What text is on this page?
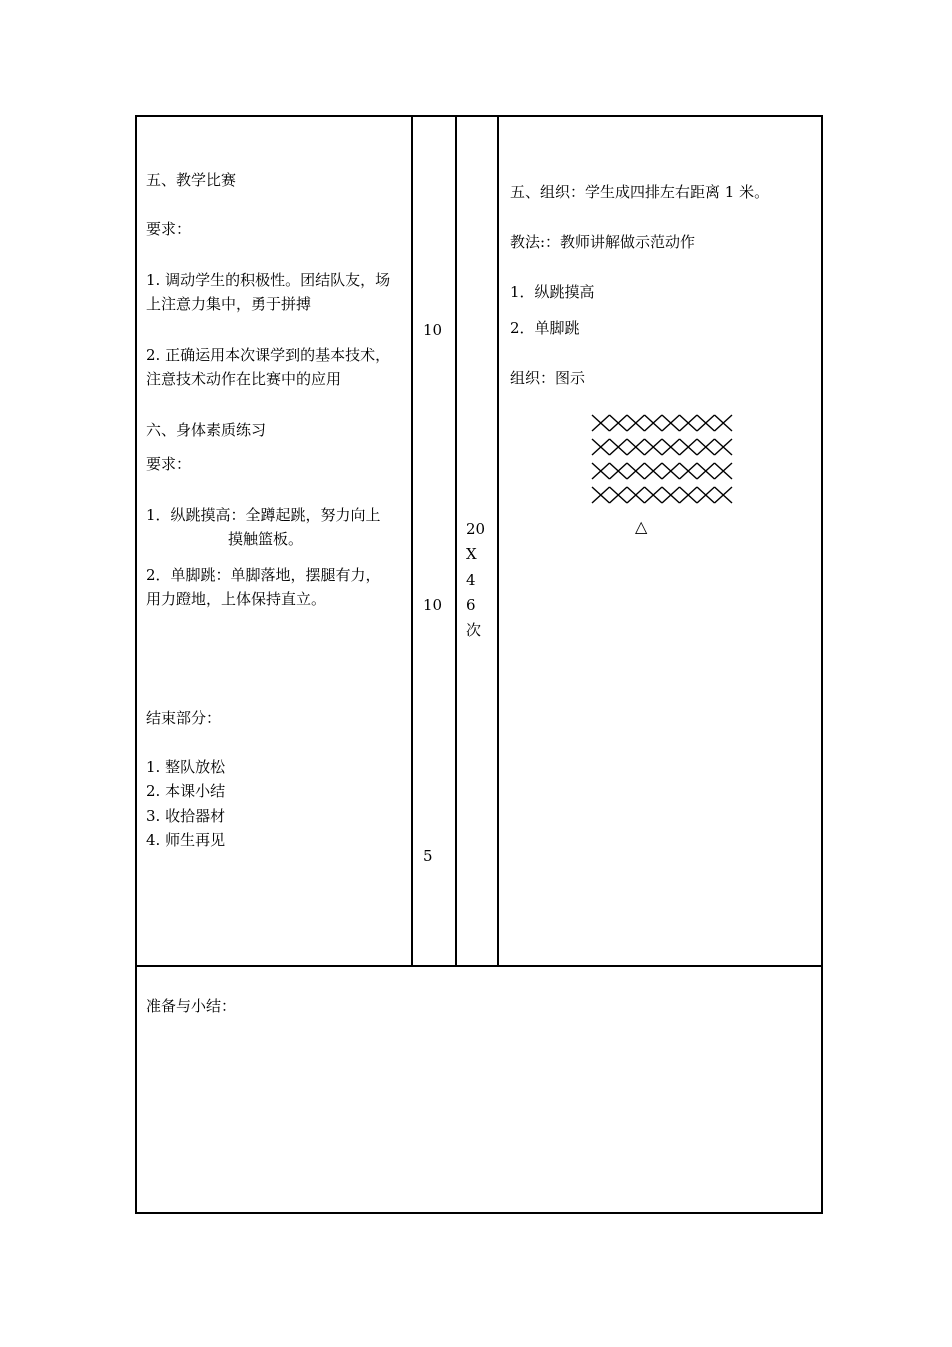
五、教学比赛
要求：
1. 调动学生的积极性。团结队友，场
上注意力集中，勇于拼搏
2. 正确运用本次课学到的基本技术，
注意技术动作在比赛中的应用
六、身体素质练习
要求：
1．纵跳摸高：全蹲起跳，努力向上
摸触篮板。
2．单脚跳：单脚落地，摆腿有力，
用力蹬地，上体保持直立。
结束部分：
1. 整队放松
2. 本课小结
3. 收拾器材
4. 师生再见
10
10
5
20
X
4
6
次
五、组织：学生成四排左右距离 1 米。
教法:：教师讲解做示范动作
1．纵跳摸高
2．单脚跳
组织：图示
△
准备与小结：
